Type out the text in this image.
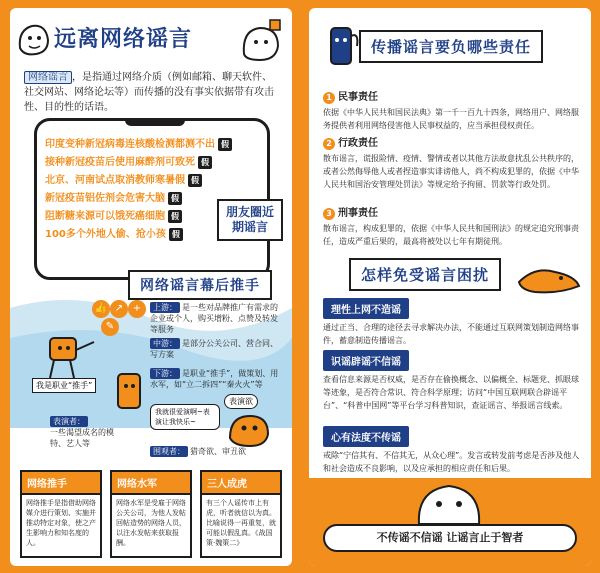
远离网络谣言
网络谣言 ，是指通过网络介质（例如邮箱、聊天软件、社交网站、网络论坛等）而传播的没有事实依据带有攻击性、目的性的话语。
印度变种新冠病毒连核酸检测都测不出 假
接种新冠疫苗后使用麻醉剂可致死 假
北京、河南试点取消教师寒暑假 假
新冠疫苗铝佐剂会危害大脑 假
阻断糖来源可以饿死癌细胞 假
100多个外地人偷、抢小孩 假
朋友圈近期谣言
网络谣言幕后推手
👍 ↗ +
✎
上游： 是一些对品牌推广有需求的企业或个人，购买增粉、点赞及转发等服务
中游： 是部分公关公司、营合同、写方案
下游： 是职业“推手”，做策划、用水军，如“立二拆四”“秦火火”等
我是职业“推手”
表演者：
一些渴望成名的模特、艺人等
我就很爱演啊~表演让我快乐~
表演欲
围观者： 猎奇欲、审丑欲
网络推手
网络推手是指借助网络媒介进行策划、实施并推动特定对象，使之产生影响力和知名度的人。
网络水军
网络水军是受雇于网络公关公司，为他人发帖回帖造势的网络人员，以注水发帖来获取报酬。
三人成虎
有三个人谣传市上有虎，听者就信以为真。比喻说得一再重复，就可能以假乱真。《战国策·魏策二》
传播谣言要负哪些责任
1 民事责任
依据《中华人民共和国民法典》第一千一百九十四条，网络用户、网络服务提供者利用网络侵害他人民事权益的，应当承担侵权责任。
2 行政责任
散布谣言，谎报险情、疫情、警情或者以其他方法故意扰乱公共秩序的，或者公然侮辱他人或者捏造事实诽谤他人，尚不构成犯罪的，依据《中华人民共和国治安管理处罚法》等规定给予拘留、罚款等行政处罚。
3 刑事责任
散布谣言，构成犯罪的，依据《中华人民共和国刑法》的规定追究刑事责任，造成严重后果的，最高将被处以七年有期徒刑。
怎样免受谣言困扰
理性上网不造谣
通过正当、合理的途径去寻求解决办法，不能通过互联网策划制造网络事件，蓄意制造传播谣言。
识谣辟谣不信谣
查看信息来源是否权威，是否存在偷换概念、以偏概全、标题党、抓眼球等迹象，是否符合常识、符合科学原理；访问“中国互联网联合辟谣平台”、“科普中国网”等平台学习科普知识，查证谣言、举报谣言线索。
心有法度不传谣
戒除“宁信其有、不信其无，从众心理”。发言或转发前考虑是否涉及他人和社会造成不良影响，以及应承担的相应责任和后果。
不传谣不信谣 让谣言止于智者
